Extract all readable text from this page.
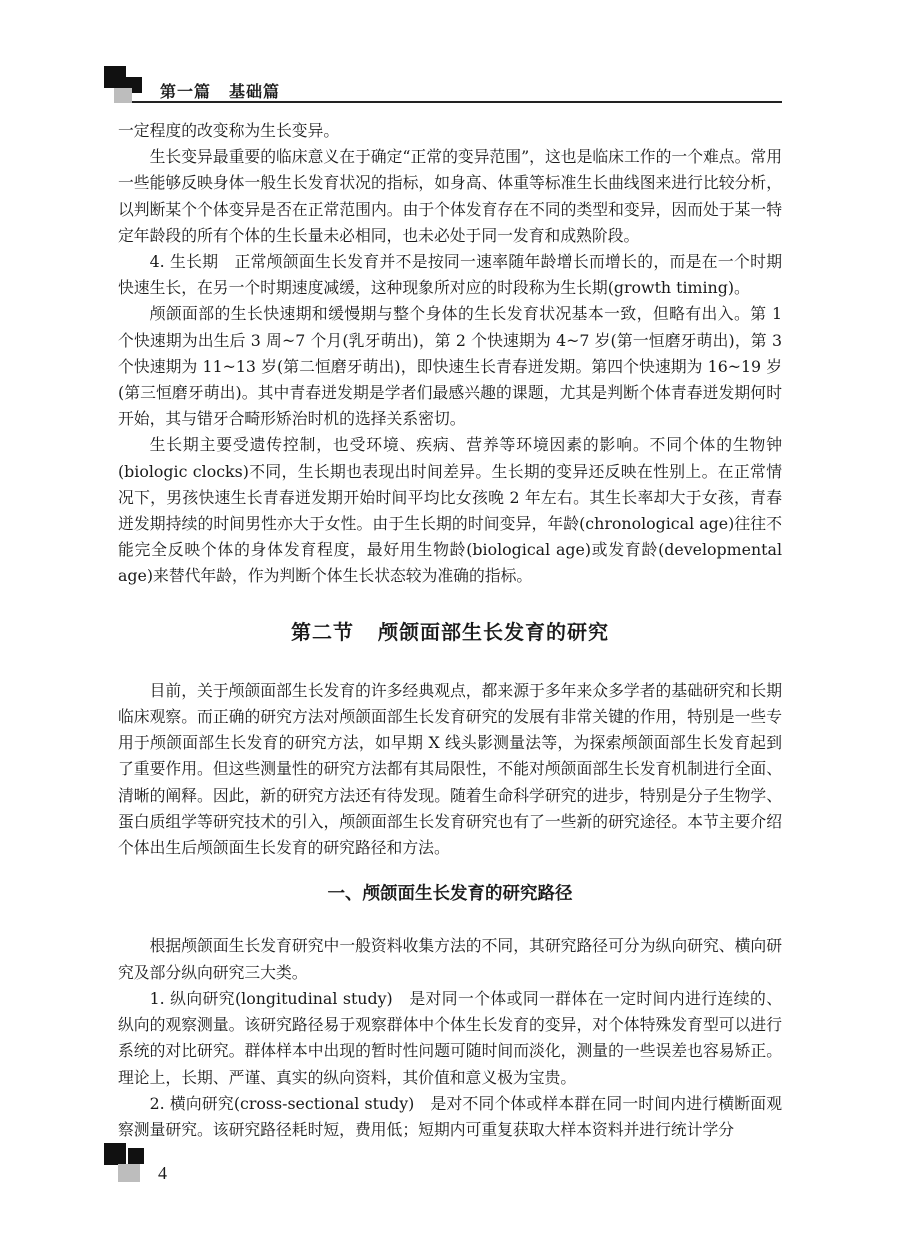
第一篇 基础篇

一定程度的改变称为生长变异。

生长变异最重要的临床意义在于确定“正常的变异范围”，这也是临床工作的一个难点。常用一些能够反映身体一般生长发育状况的指标，如身高、体重等标准生长曲线图来进行比较分析，以判断某个个体变异是否在正常范围内。由于个体发育存在不同的类型和变异，因而处于某一特定年龄段的所有个体的生长量未必相同，也未必处于同一发育和成熟阶段。

4. 生长期　正常颅颌面生长发育并不是按同一速率随年龄增长而增长的，而是在一个时期快速生长，在另一个时期速度减缓，这种现象所对应的时段称为生长期(growth timing)。

颅颌面部的生长快速期和缓慢期与整个身体的生长发育状况基本一致，但略有出入。第 1 个快速期为出生后 3 周~7 个月(乳牙萌出)，第 2 个快速期为 4~7 岁(第一恒磨牙萌出)，第 3 个快速期为 11~13 岁(第二恒磨牙萌出)，即快速生长青春迸发期。第四个快速期为 16~19 岁(第三恒磨牙萌出)。其中青春迸发期是学者们最感兴趣的课题，尤其是判断个体青春迸发期何时开始，其与错牙合畸形矫治时机的选择关系密切。

生长期主要受遗传控制，也受环境、疾病、营养等环境因素的影响。不同个体的生物钟(biologic clocks)不同，生长期也表现出时间差异。生长期的变异还反映在性别上。在正常情况下，男孩快速生长青春迸发期开始时间平均比女孩晚 2 年左右。其生长率却大于女孩，青春迸发期持续的时间男性亦大于女性。由于生长期的时间变异，年龄(chronological age)往往不能完全反映个体的身体发育程度，最好用生物龄(biological age)或发育龄(developmental age)来替代年龄，作为判断个体生长状态较为准确的指标。

第二节 颅颌面部生长发育的研究

目前，关于颅颌面部生长发育的许多经典观点，都来源于多年来众多学者的基础研究和长期临床观察。而正确的研究方法对颅颌面部生长发育研究的发展有非常关键的作用，特别是一些专用于颅颌面部生长发育的研究方法，如早期 X 线头影测量法等，为探索颅颌面部生长发育起到了重要作用。但这些测量性的研究方法都有其局限性，不能对颅颌面部生长发育机制进行全面、清晰的阐释。因此，新的研究方法还有待发现。随着生命科学研究的进步，特别是分子生物学、蛋白质组学等研究技术的引入，颅颌面部生长发育研究也有了一些新的研究途径。本节主要介绍个体出生后颅颌面生长发育的研究路径和方法。

一、颅颌面生长发育的研究路径

根据颅颌面生长发育研究中一般资料收集方法的不同，其研究路径可分为纵向研究、横向研究及部分纵向研究三大类。

1. 纵向研究(longitudinal study)　是对同一个体或同一群体在一定时间内进行连续的、纵向的观察测量。该研究路径易于观察群体中个体生长发育的变异，对个体特殊发育型可以进行系统的对比研究。群体样本中出现的暂时性问题可随时间而淡化，测量的一些误差也容易矫正。理论上，长期、严谨、真实的纵向资料，其价值和意义极为宝贵。

2. 横向研究(cross-sectional study)　是对不同个体或样本群在同一时间内进行横断面观察测量研究。该研究路径耗时短，费用低；短期内可重复获取大样本资料并进行统计学分

4
